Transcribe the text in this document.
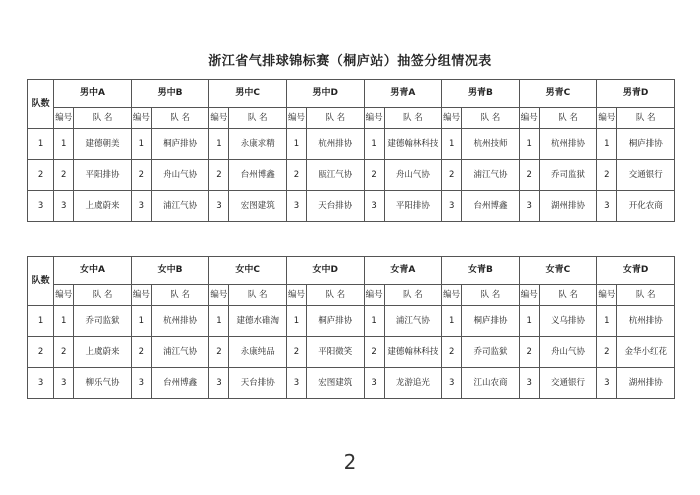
浙江省气排球锦标赛（桐庐站）抽签分组情况表
队数	男中A		男中B		男中C		男中D		男青A		男青B		男青C		男青D	
	编号	队 名	编号	队 名	编号	队 名	编号	队 名	编号	队 名	编号	队 名	编号	队 名	编号	队 名
1	1	建德朝美	1	桐庐排协	1	永康求精	1	杭州排协	1	建德翰林科技	1	杭州技师	1	杭州排协	1	桐庐排协
2	2	平阳排协	2	舟山气协	2	台州博鑫	2	瓯江气协	2	舟山气协	2	浦江气协	2	乔司监狱	2	交通银行
3	3	上虞蔚来	3	浦江气协	3	宏图建筑	3	天台排协	3	平阳排协	3	台州博鑫	3	湖州排协	3	开化农商
队数	女中A		女中B		女中C		女中D		女青A		女青B		女青C		女青D	
	编号	队 名	编号	队 名	编号	队 名	编号	队 名	编号	队 名	编号	队 名	编号	队 名	编号	队 名
1	1	乔司监狱	1	杭州排协	1	建德水碓淘	1	桐庐排协	1	浦江气协	1	桐庐排协	1	义乌排协	1	杭州排协
2	2	上虞蔚来	2	浦江气协	2	永康纯品	2	平阳微笑	2	建德翰林科技	2	乔司监狱	2	舟山气协	2	金华小红花
3	3	柳乐气协	3	台州博鑫	3	天台排协	3	宏图建筑	3	龙游追光	3	江山农商	3	交通银行	3	湖州排协
2
